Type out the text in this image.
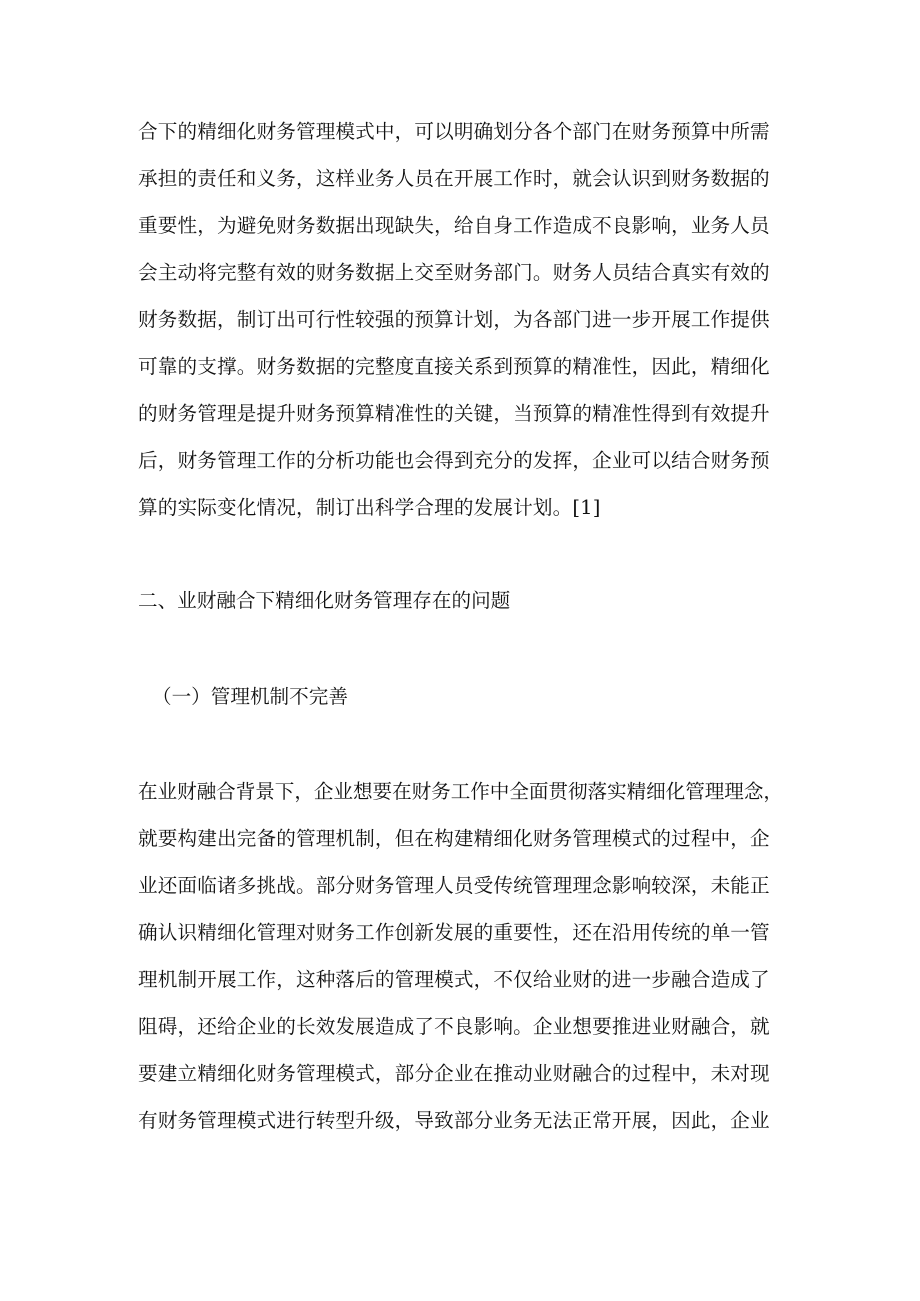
合下的精细化财务管理模式中，可以明确划分各个部门在财务预算中所需
承担的责任和义务，这样业务人员在开展工作时，就会认识到财务数据的
重要性，为避免财务数据出现缺失，给自身工作造成不良影响，业务人员
会主动将完整有效的财务数据上交至财务部门。财务人员结合真实有效的
财务数据，制订出可行性较强的预算计划，为各部门进一步开展工作提供
可靠的支撑。财务数据的完整度直接关系到预算的精准性，因此，精细化
的财务管理是提升财务预算精准性的关键，当预算的精准性得到有效提升
后，财务管理工作的分析功能也会得到充分的发挥，企业可以结合财务预
算的实际变化情况，制订出科学合理的发展计划。[1]
二、业财融合下精细化财务管理存在的问题
（一）管理机制不完善
在业财融合背景下，企业想要在财务工作中全面贯彻落实精细化管理理念，
就要构建出完备的管理机制，但在构建精细化财务管理模式的过程中，企
业还面临诸多挑战。部分财务管理人员受传统管理理念影响较深，未能正
确认识精细化管理对财务工作创新发展的重要性，还在沿用传统的单一管
理机制开展工作，这种落后的管理模式，不仅给业财的进一步融合造成了
阻碍，还给企业的长效发展造成了不良影响。企业想要推进业财融合，就
要建立精细化财务管理模式，部分企业在推动业财融合的过程中，未对现
有财务管理模式进行转型升级，导致部分业务无法正常开展，因此，企业
